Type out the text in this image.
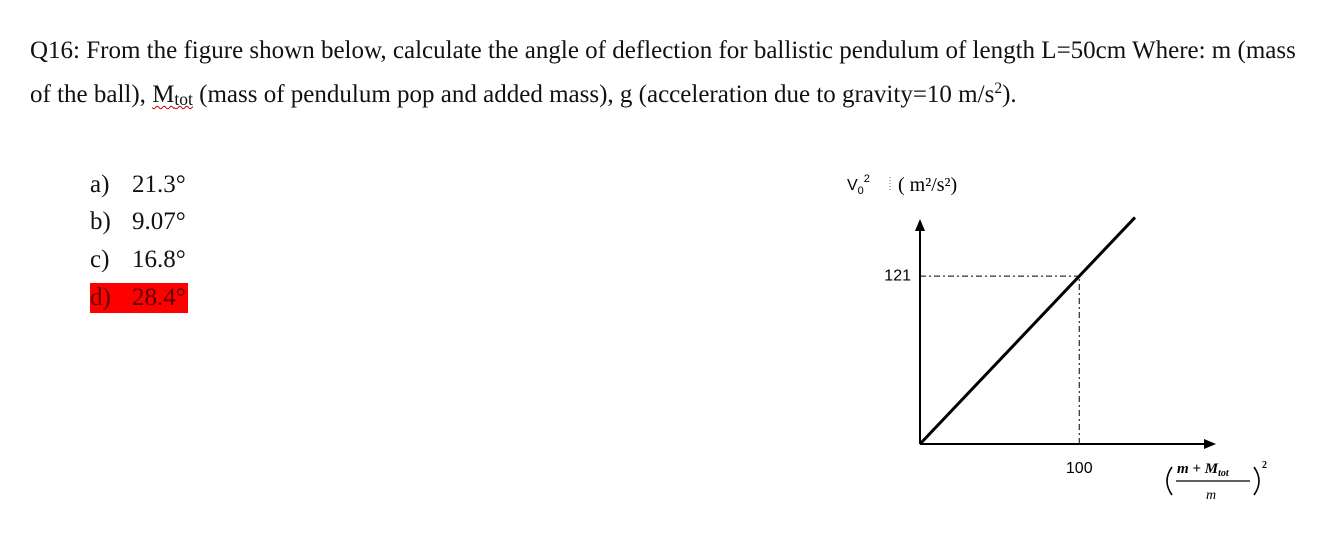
Q16: From the figure shown below, calculate the angle of deflection for ballistic pendulum of length L=50cm Where: m (mass of the ball), Mtot (mass of pendulum pop and added mass), g (acceleration due to gravity=10 $m/s^2$).

a) 21.3°
b) 9.07°
c) 16.8°
d) 28.4°
$V_0^2$ ( m²/s²)
121
100	$m + M_{tot}$
m
2
